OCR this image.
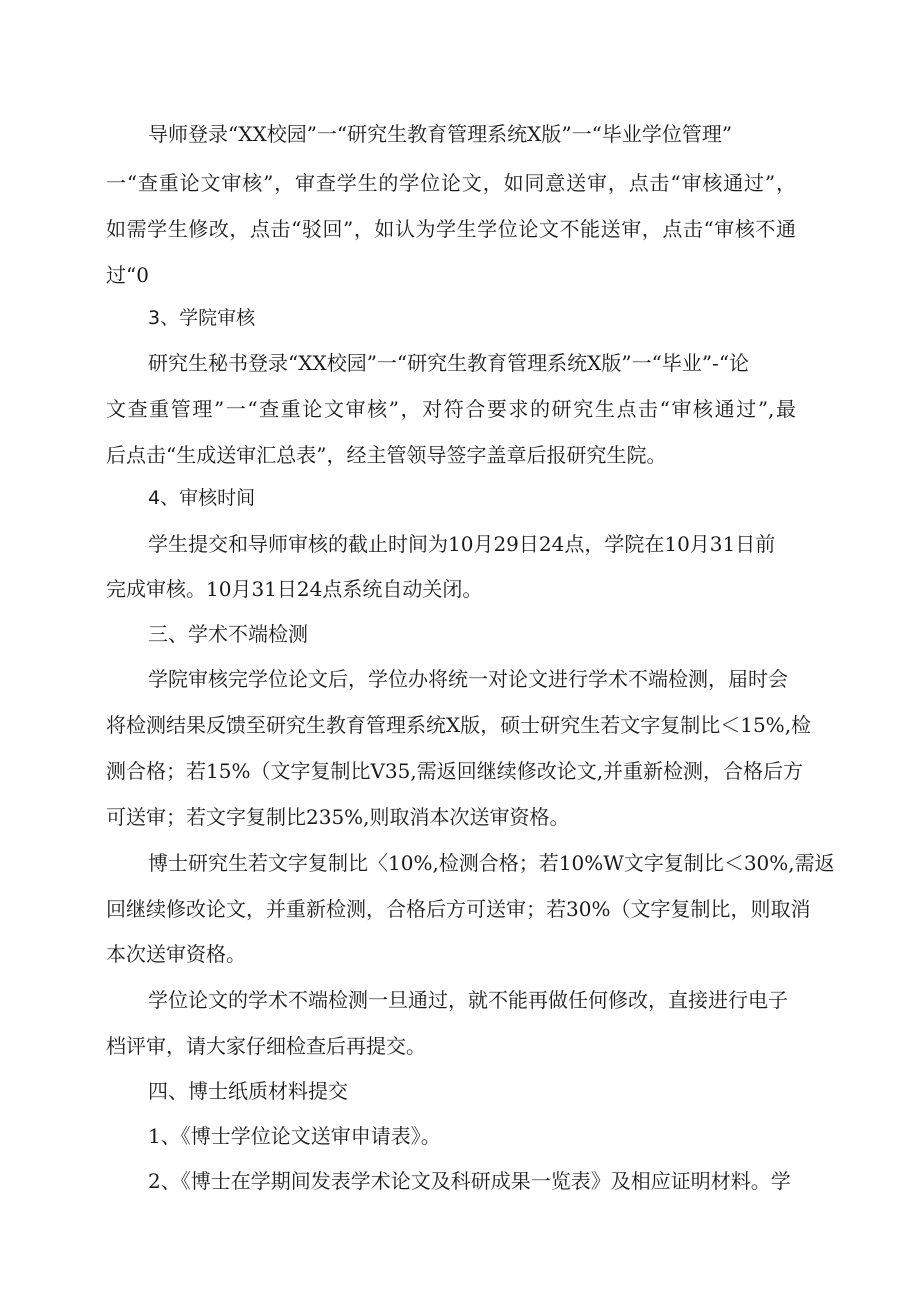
导师登录“XX校园”一“研究生教育管理系统X版”一“毕业学位管理”

一“查重论文审核”，审查学生的学位论文，如同意送审，点击“审核通过”，

如需学生修改，点击“驳回”，如认为学生学位论文不能送审，点击“审核不通

过“0

3、学院审核

研究生秘书登录“XX校园”一“研究生教育管理系统X版”一“毕业”-“论

文查重管理”一“查重论文审核”，对符合要求的研究生点击“审核通过”,最

后点击“生成送审汇总表”，经主管领导签字盖章后报研究生院。

4、审核时间

学生提交和导师审核的截止时间为10月29日24点，学院在10月31日前

完成审核。10月31日24点系统自动关闭。

三、学术不端检测

学院审核完学位论文后，学位办将统一对论文进行学术不端检测，届时会

将检测结果反馈至研究生教育管理系统X版，硕士研究生若文字复制比＜15%,检

测合格；若15%（文字复制比V35,需返回继续修改论文,并重新检测，合格后方

可送审；若文字复制比235%,则取消本次送审资格。

博士研究生若文字复制比〈10%,检测合格；若10%W文字复制比＜30%,需返

回继续修改论文，并重新检测，合格后方可送审；若30%（文字复制比，则取消

本次送审资格。

学位论文的学术不端检测一旦通过，就不能再做任何修改，直接进行电子

档评审，请大家仔细检查后再提交。

四、博士纸质材料提交

1、《博士学位论文送审申请表》。

2、《博士在学期间发表学术论文及科研成果一览表》及相应证明材料。学
